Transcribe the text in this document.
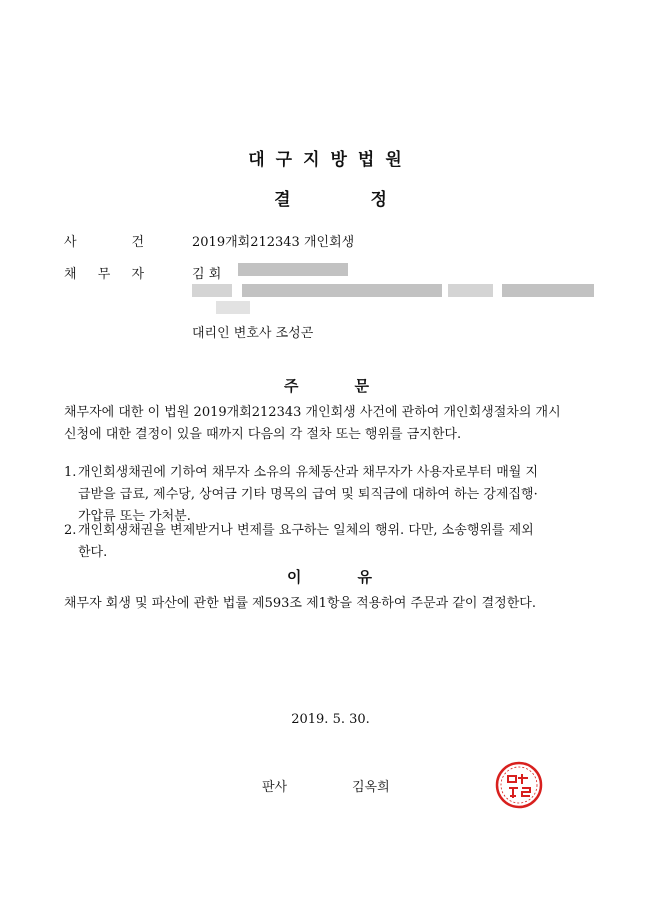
대구지방법원
결	정
사	건	2019개회212343 개인회생
채 무 자	김 회
대리인 변호사 조성곤
주	문
채무자에 대한 이 법원 2019개회212343 개인회생 사건에 관하여 개인회생절차의 개시
신청에 대한 결정이 있을 때까지 다음의 각 절차 또는 행위를 금지한다.
1. 개인회생채권에 기하여 채무자 소유의 유체동산과 채무자가 사용자로부터 매월 지
급받을 급료, 제수당, 상여금 기타 명목의 급여 및 퇴직금에 대하여 하는 강제집행·
가압류 또는 가처분.
2. 개인회생채권을 변제받거나 변제를 요구하는 일체의 행위. 다만, 소송행위를 제외
한다.
이	유
채무자 회생 및 파산에 관한 법률 제593조 제1항을 적용하여 주문과 같이 결정한다.
2019. 5. 30.
판사	김옥희
